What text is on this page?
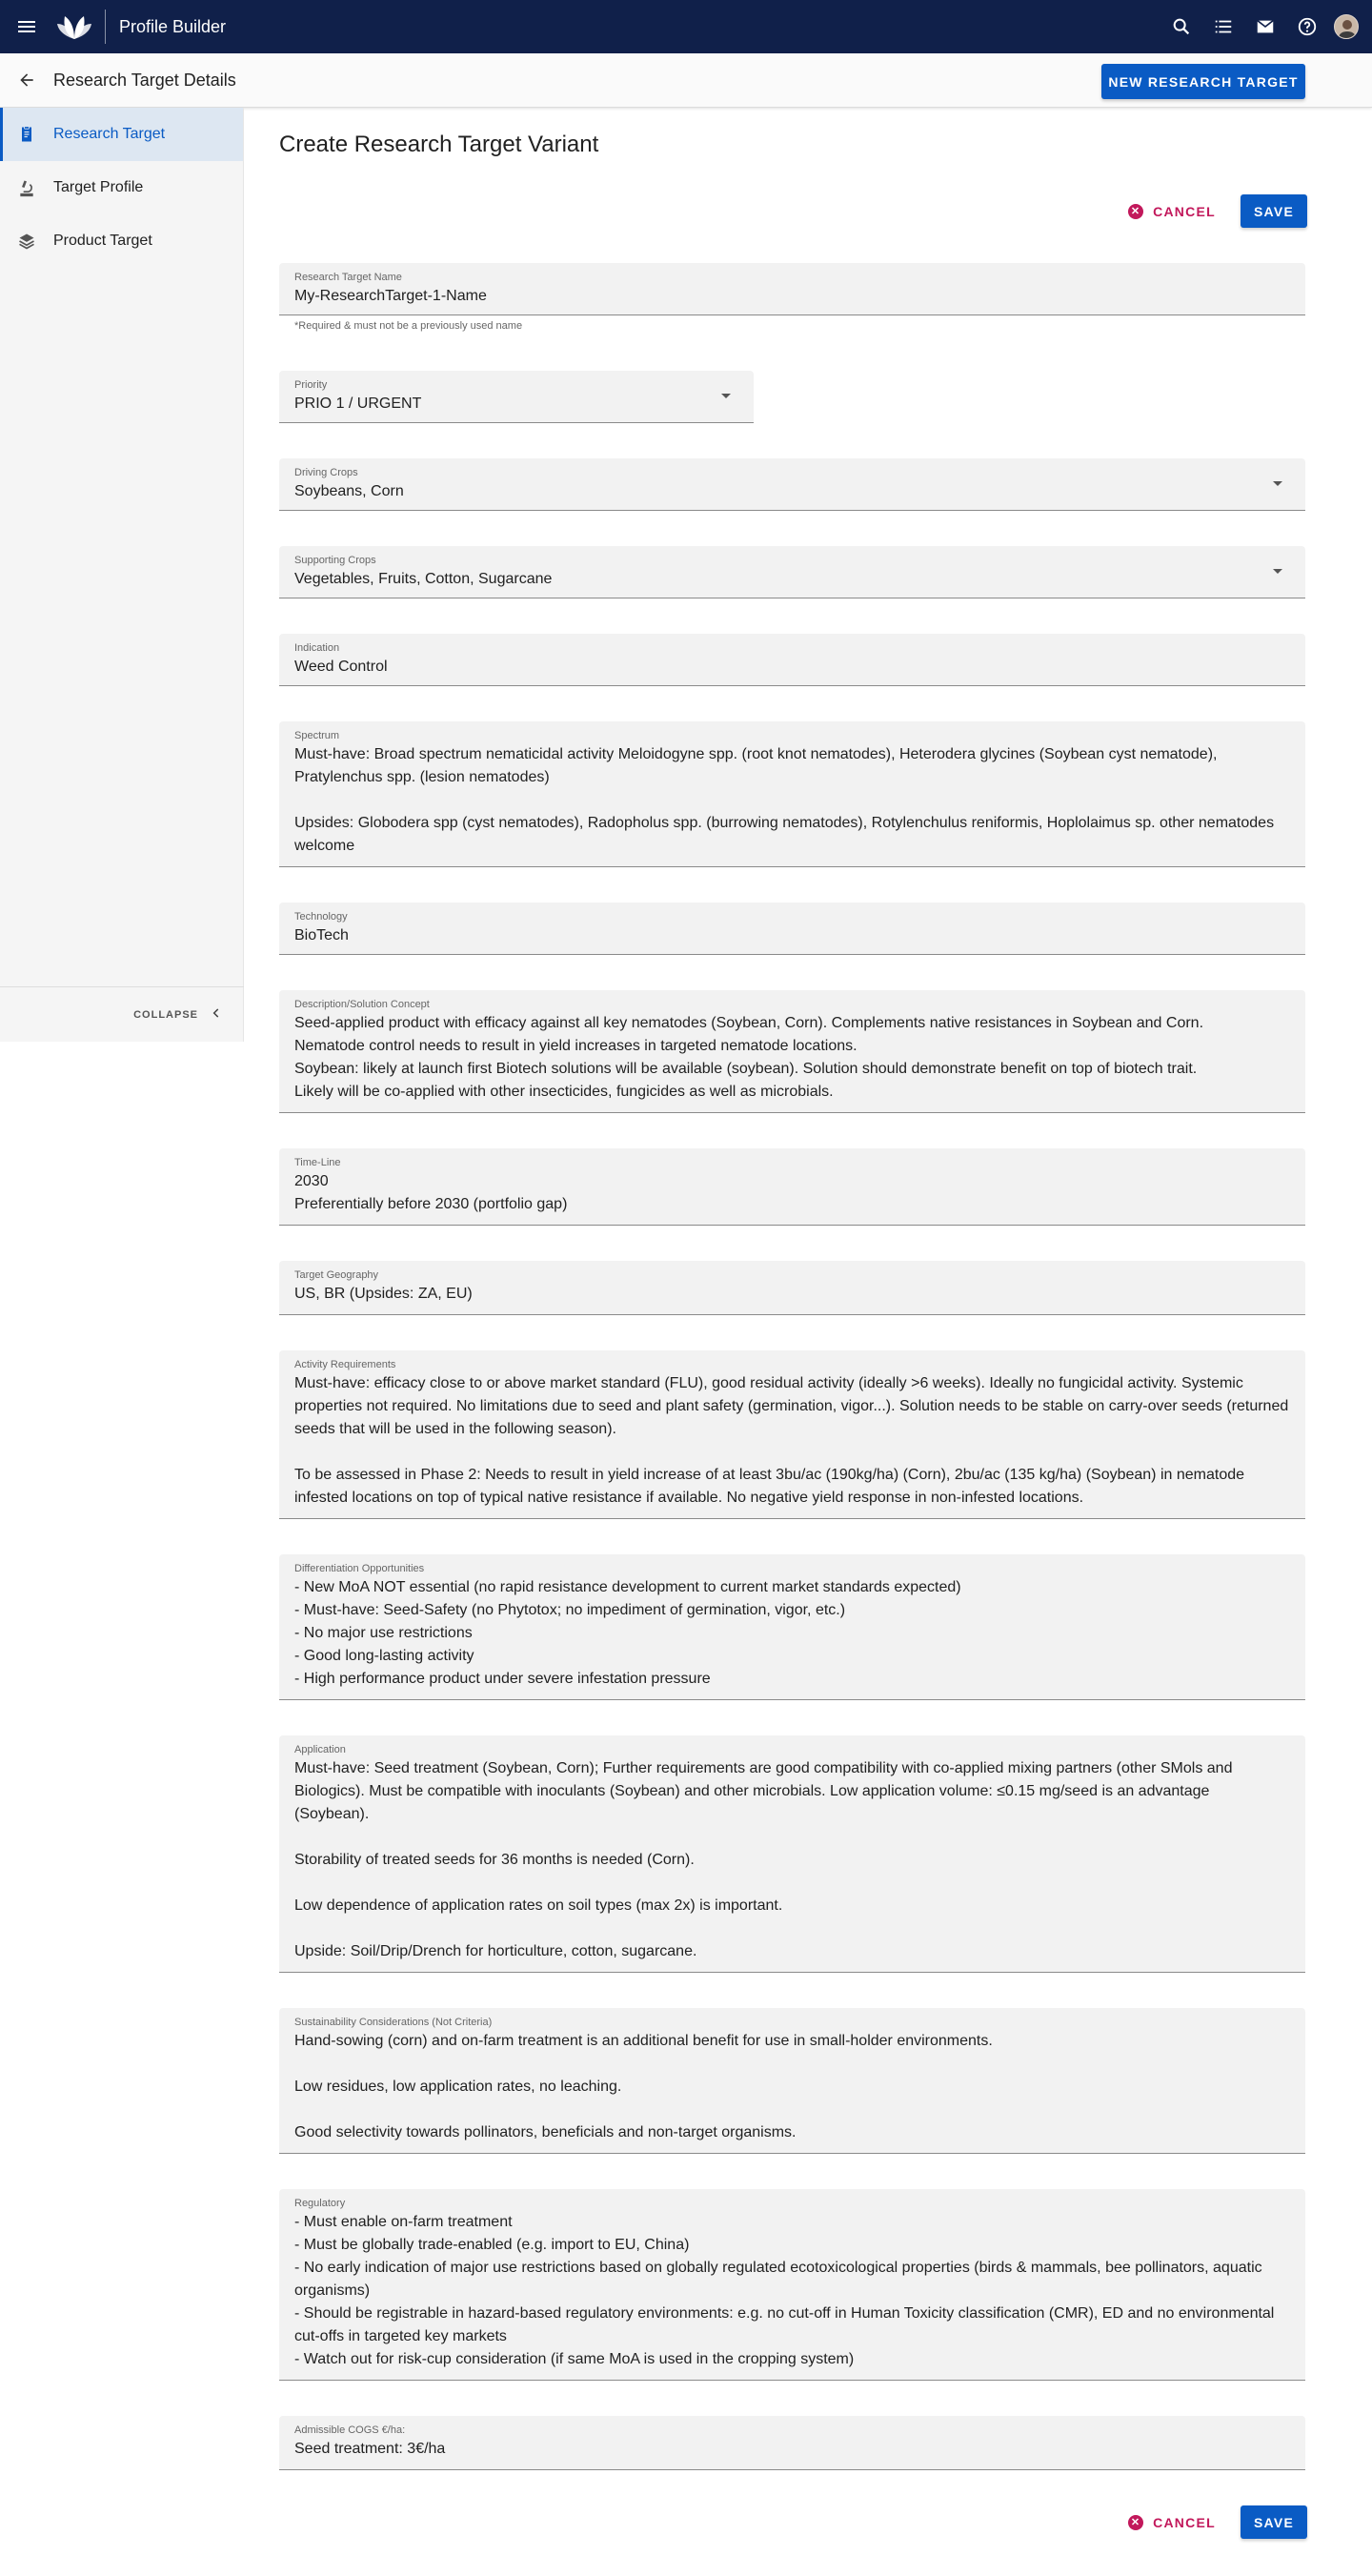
Profile Builder
Research Target Details	NEW RESEARCH TARGET
Research Target
Target Profile
Product Target
COLLAPSE
Create Research Target Variant
✕ CANCEL	SAVE
Research Target Name
My-ResearchTarget-1-Name
*Required & must not be a previously used name
Priority
PRIO 1 / URGENT
Driving Crops
Soybeans, Corn
Supporting Crops
Vegetables, Fruits, Cotton, Sugarcane
Indication
Weed Control
Spectrum
Must-have: Broad spectrum nematicidal activity Meloidogyne spp. (root knot nematodes), Heterodera glycines (Soybean cyst nematode),
Pratylenchus spp. (lesion nematodes)

Upsides: Globodera spp (cyst nematodes), Radopholus spp. (burrowing nematodes), Rotylenchulus reniformis, Hoplolaimus sp. other nematodes
welcome
Technology
BioTech
Description/Solution Concept
Seed-applied product with efficacy against all key nematodes (Soybean, Corn). Complements native resistances in Soybean and Corn.
Nematode control needs to result in yield increases in targeted nematode locations.
Soybean: likely at launch first Biotech solutions will be available (soybean). Solution should demonstrate benefit on top of biotech trait.
Likely will be co-applied with other insecticides, fungicides as well as microbials.
Time-Line
2030
Preferentially before 2030 (portfolio gap)
Target Geography
US, BR (Upsides: ZA, EU)
Activity Requirements
Must-have: efficacy close to or above market standard (FLU), good residual activity (ideally >6 weeks). Ideally no fungicidal activity. Systemic
properties not required. No limitations due to seed and plant safety (germination, vigor...). Solution needs to be stable on carry-over seeds (returned
seeds that will be used in the following season).

To be assessed in Phase 2: Needs to result in yield increase of at least 3bu/ac (190kg/ha) (Corn), 2bu/ac (135 kg/ha) (Soybean) in nematode
infested locations on top of typical native resistance if available. No negative yield response in non-infested locations.
Differentiation Opportunities
- New MoA NOT essential (no rapid resistance development to current market standards expected)
- Must-have: Seed-Safety (no Phytotox; no impediment of germination, vigor, etc.)
- No major use restrictions
- Good long-lasting activity
- High performance product under severe infestation pressure
Application
Must-have: Seed treatment (Soybean, Corn); Further requirements are good compatibility with co-applied mixing partners (other SMols and
Biologics). Must be compatible with inoculants (Soybean) and other microbials. Low application volume: ≤0.15 mg/seed is an advantage
(Soybean).

Storability of treated seeds for 36 months is needed (Corn).

Low dependence of application rates on soil types (max 2x) is important.

Upside: Soil/Drip/Drench for horticulture, cotton, sugarcane.
Sustainability Considerations (Not Criteria)
Hand-sowing (corn) and on-farm treatment is an additional benefit for use in small-holder environments.

Low residues, low application rates, no leaching.

Good selectivity towards pollinators, beneficials and non-target organisms.
Regulatory
- Must enable on-farm treatment
- Must be globally trade-enabled (e.g. import to EU, China)
- No early indication of major use restrictions based on globally regulated ecotoxicological properties (birds & mammals, bee pollinators, aquatic
organisms)
- Should be registrable in hazard-based regulatory environments: e.g. no cut-off in Human Toxicity classification (CMR), ED and no environmental
cut-offs in targeted key markets
- Watch out for risk-cup consideration (if same MoA is used in the cropping system)
Admissible COGS €/ha:
Seed treatment: 3€/ha
✕ CANCEL	SAVE
